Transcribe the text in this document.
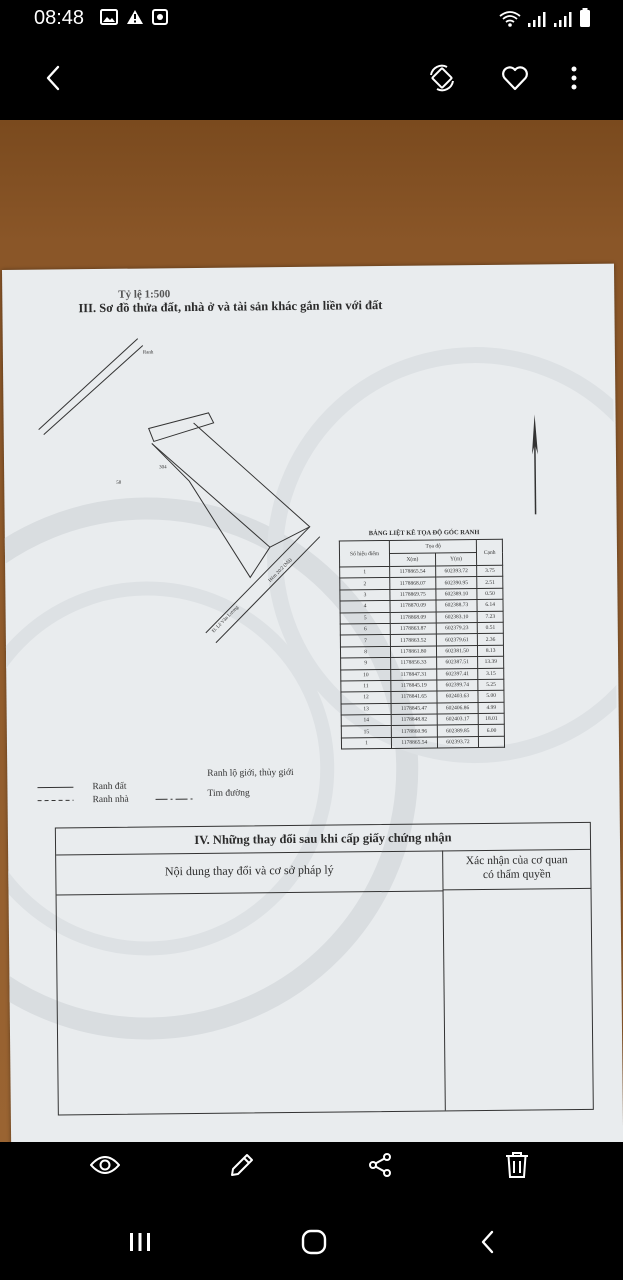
08:48
Tỷ lệ 1:500
III. Sơ đồ thửa đất, nhà ở và tài sản khác gắn liền với đất
304
58
Ranh
Hẻm 20/2 (Mã)
Đ. Lê Văn Lương
BẢNG LIỆT KÊ TỌA ĐỘ GÓC RANH
Số hiệu điểm	Tọa độ		Cạnh
	X(m)	Y(m)	
1	1178865.54	602393.72	3.75
2	1178868.07	602390.95	2.51
3	1178869.75	602389.10	0.50
4	1178870.09	602388.73	6.14
5	1178868.09	602383.10	7.23
6	1178863.87	602379.23	0.51
7	1178863.52	602379.61	2.36
8	1178861.80	602381.50	8.13
9	1178856.33	602387.51	13.39
10	1178847.31	602397.41	3.15
11	1178845.19	602399.74	5.25
12	1178841.65	602403.63	5.00
13	1178845.47	602406.86	4.99
14	1178848.82	602403.17	18.01
15	1178860.96	602389.85	6.00
1	1178865.54	602393.72	
Ranh đất
Ranh nhà
Ranh lộ giới, thủy giới
Tim đường
IV. Những thay đổi sau khi cấp giấy chứng nhận
Nội dung thay đổi và cơ sở pháp lý
Xác nhận của cơ quan
có thẩm quyền
